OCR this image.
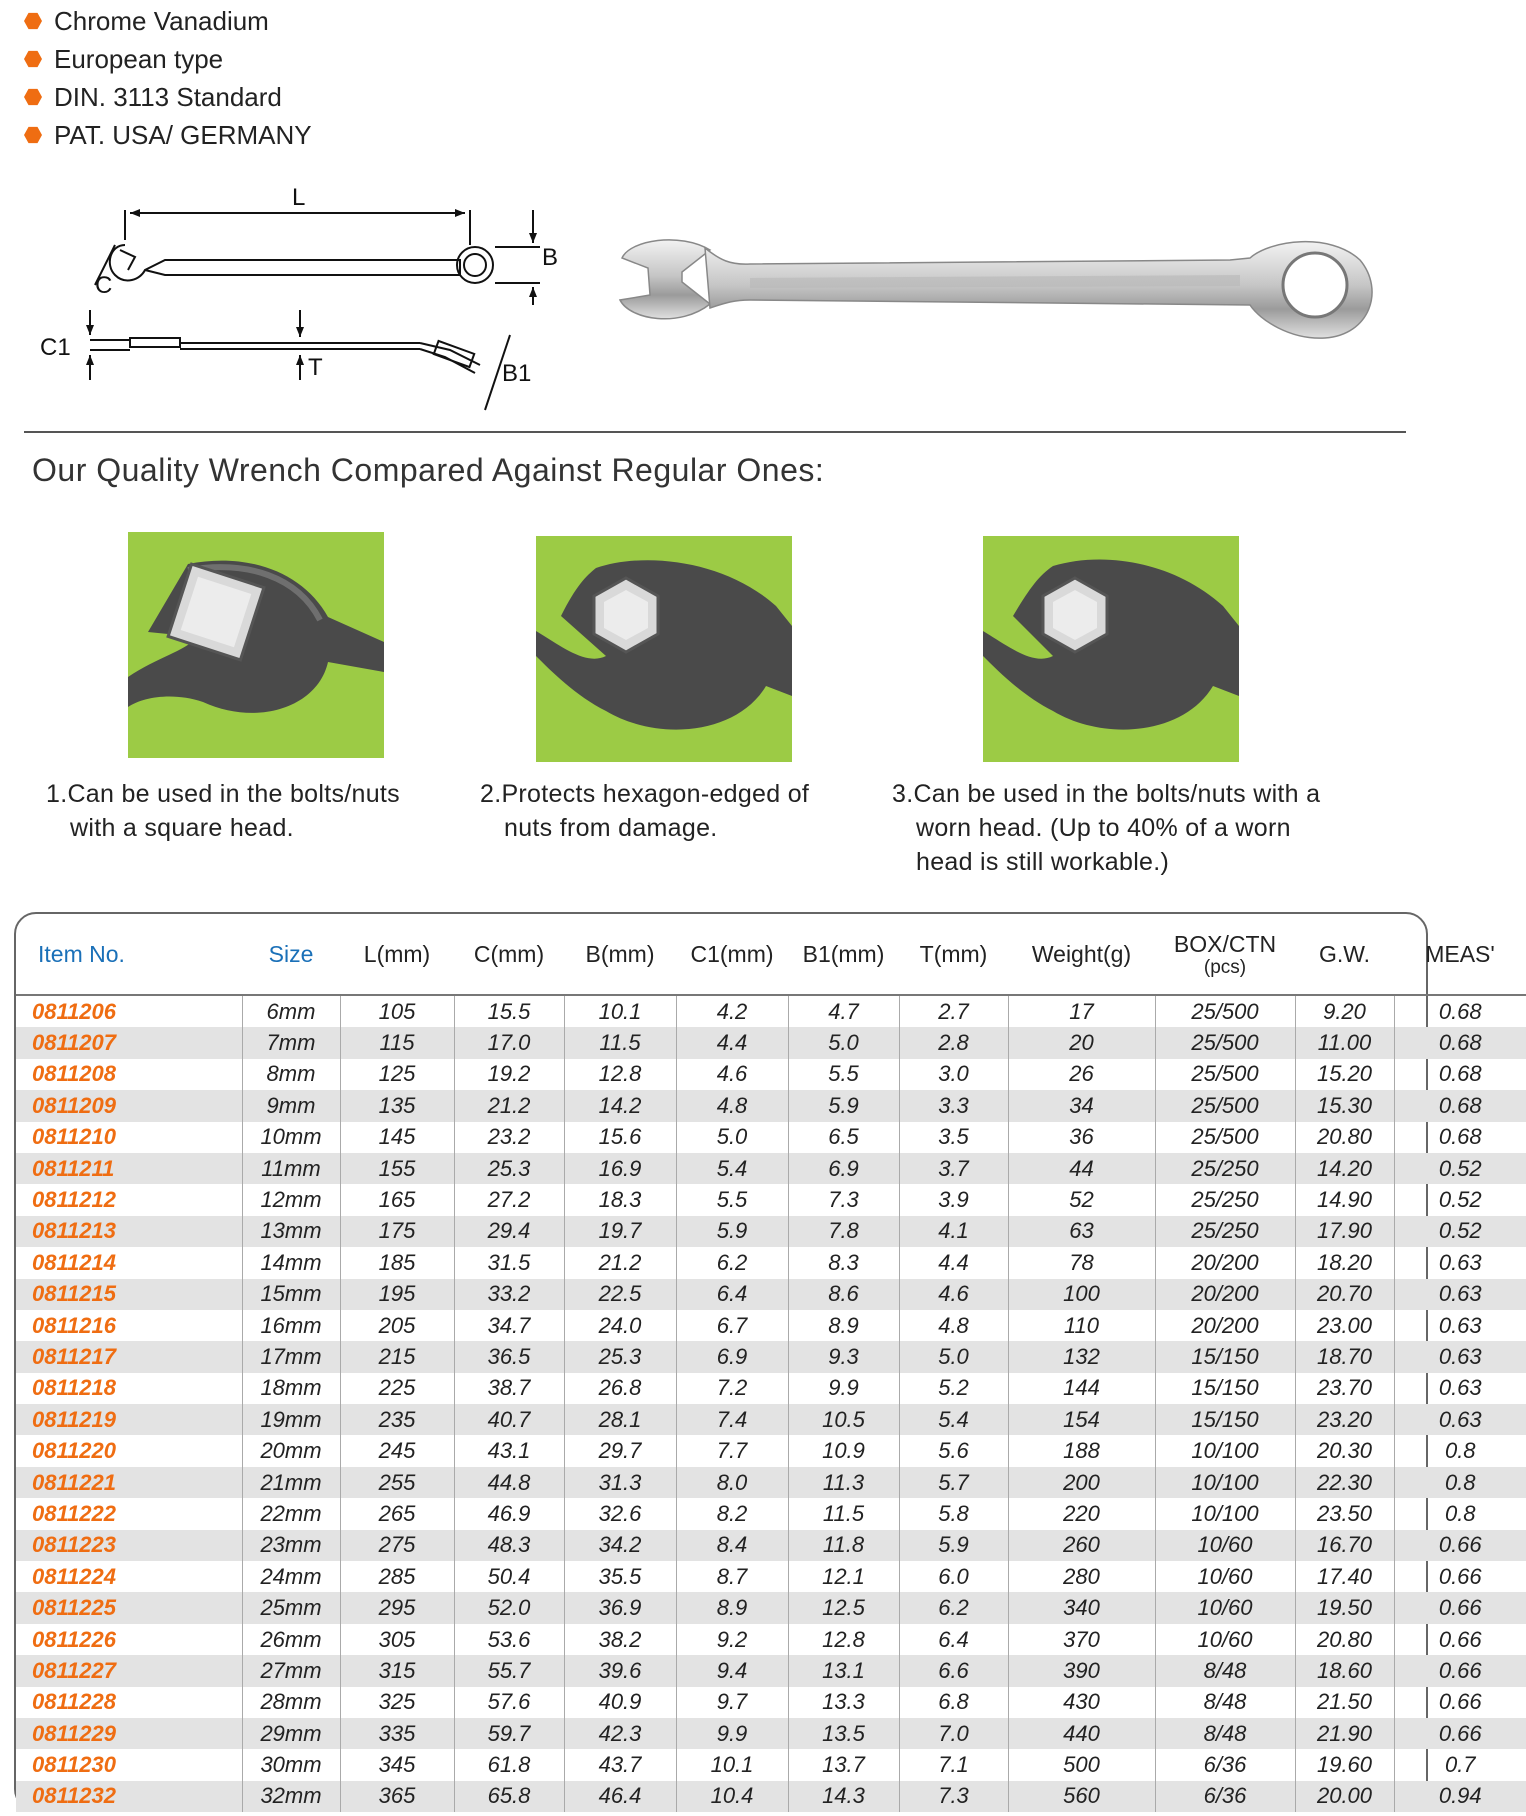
Chrome Vanadium
European type
DIN. 3113 Standard
PAT. USA/ GERMANY
L
B
C
C1
T	B1
Our Quality Wrench Compared Against Regular Ones:
1.Can be used in the bolts/nuts
with a square head.
2.Protects hexagon-edged of
nuts from damage.
3.Can be used in the bolts/nuts with a
worn head. (Up to 40% of a worn
head is still workable.)
Item No.	Size	L(mm)	C(mm)	B(mm)	C1(mm)	B1(mm)	T(mm)	Weight(g)	BOX/CTN
(pcs)	G.W.	MEAS'
0811206	6mm	105	15.5	10.1	4.2	4.7	2.7	17	25/500	9.20	0.68
0811207	7mm	115	17.0	11.5	4.4	5.0	2.8	20	25/500	11.00	0.68
0811208	8mm	125	19.2	12.8	4.6	5.5	3.0	26	25/500	15.20	0.68
0811209	9mm	135	21.2	14.2	4.8	5.9	3.3	34	25/500	15.30	0.68
0811210	10mm	145	23.2	15.6	5.0	6.5	3.5	36	25/500	20.80	0.68
0811211	11mm	155	25.3	16.9	5.4	6.9	3.7	44	25/250	14.20	0.52
0811212	12mm	165	27.2	18.3	5.5	7.3	3.9	52	25/250	14.90	0.52
0811213	13mm	175	29.4	19.7	5.9	7.8	4.1	63	25/250	17.90	0.52
0811214	14mm	185	31.5	21.2	6.2	8.3	4.4	78	20/200	18.20	0.63
0811215	15mm	195	33.2	22.5	6.4	8.6	4.6	100	20/200	20.70	0.63
0811216	16mm	205	34.7	24.0	6.7	8.9	4.8	110	20/200	23.00	0.63
0811217	17mm	215	36.5	25.3	6.9	9.3	5.0	132	15/150	18.70	0.63
0811218	18mm	225	38.7	26.8	7.2	9.9	5.2	144	15/150	23.70	0.63
0811219	19mm	235	40.7	28.1	7.4	10.5	5.4	154	15/150	23.20	0.63
0811220	20mm	245	43.1	29.7	7.7	10.9	5.6	188	10/100	20.30	0.8
0811221	21mm	255	44.8	31.3	8.0	11.3	5.7	200	10/100	22.30	0.8
0811222	22mm	265	46.9	32.6	8.2	11.5	5.8	220	10/100	23.50	0.8
0811223	23mm	275	48.3	34.2	8.4	11.8	5.9	260	10/60	16.70	0.66
0811224	24mm	285	50.4	35.5	8.7	12.1	6.0	280	10/60	17.40	0.66
0811225	25mm	295	52.0	36.9	8.9	12.5	6.2	340	10/60	19.50	0.66
0811226	26mm	305	53.6	38.2	9.2	12.8	6.4	370	10/60	20.80	0.66
0811227	27mm	315	55.7	39.6	9.4	13.1	6.6	390	8/48	18.60	0.66
0811228	28mm	325	57.6	40.9	9.7	13.3	6.8	430	8/48	21.50	0.66
0811229	29mm	335	59.7	42.3	9.9	13.5	7.0	440	8/48	21.90	0.66
0811230	30mm	345	61.8	43.7	10.1	13.7	7.1	500	6/36	19.60	0.7
0811232	32mm	365	65.8	46.4	10.4	14.3	7.3	560	6/36	20.00	0.94
